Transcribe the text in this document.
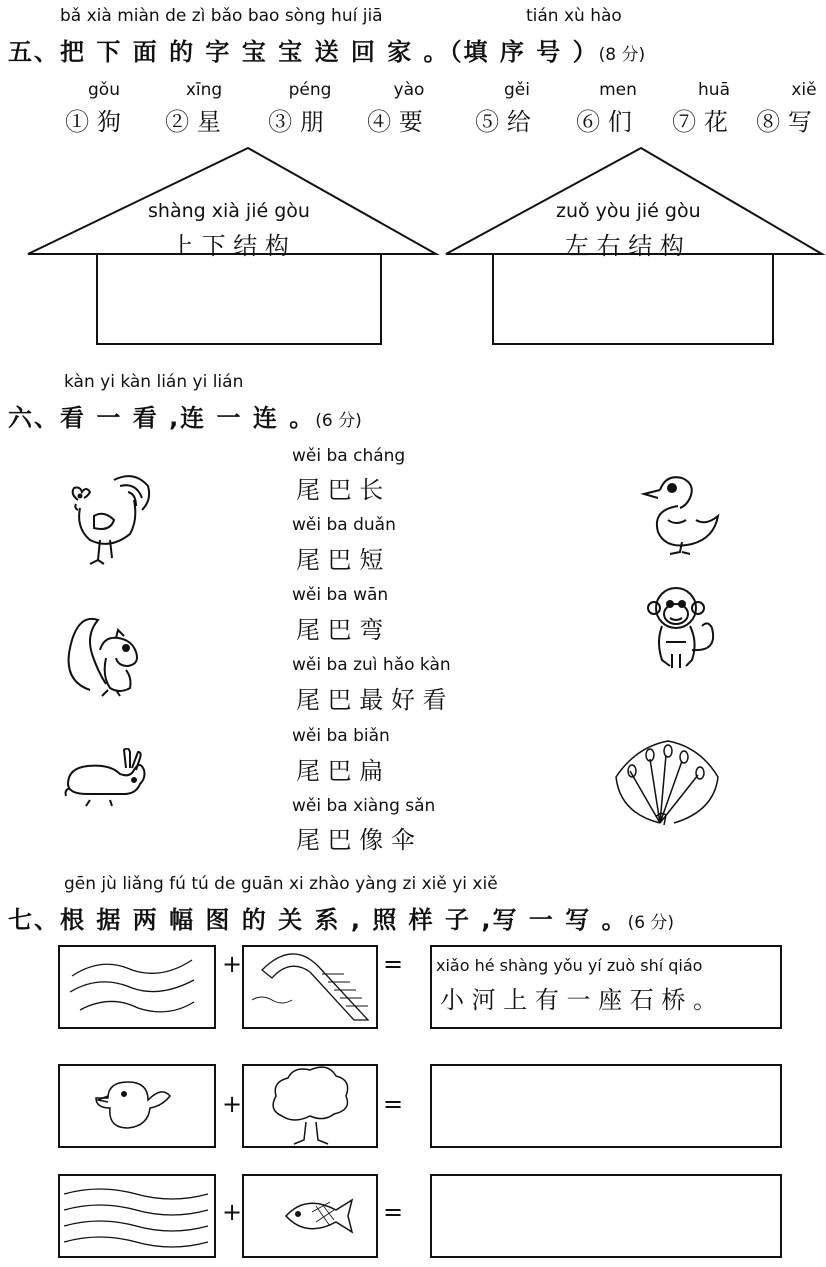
bǎ xià miàn de zì bǎo bao sòng huí jiā	tián xù hào
五、把 下 面 的 字 宝 宝 送 回 家 。（填 序 号 ）(8 分)
gǒu
① 狗
xīng
② 星
péng
③ 朋
yào
④ 要
gěi
⑤ 给
men
⑥ 们
huā
⑦ 花
xiě
⑧ 写
shàng xià jié gòu
上 下 结 构
zuǒ yòu jié gòu
左 右 结 构
kàn yi kàn lián yi lián
六、看 一 看 ,连 一 连 。(6 分)
wěi ba cháng
尾 巴 长
wěi ba duǎn
尾 巴 短
wěi ba wān
尾 巴 弯
wěi ba zuì hǎo kàn
尾 巴 最 好 看
wěi ba biǎn
尾 巴 扁
wěi ba xiàng sǎn
尾 巴 像 伞
gēn jù liǎng fú tú de guān xi zhào yàng zi xiě yi xiě
七、根 据 两 幅 图 的 关 系 , 照 样 子 ,写 一 写 。(6 分)
+	=
+	=
+	=
xiǎo hé shàng yǒu yí zuò shí qiáo
小 河 上 有 一 座 石 桥 。
